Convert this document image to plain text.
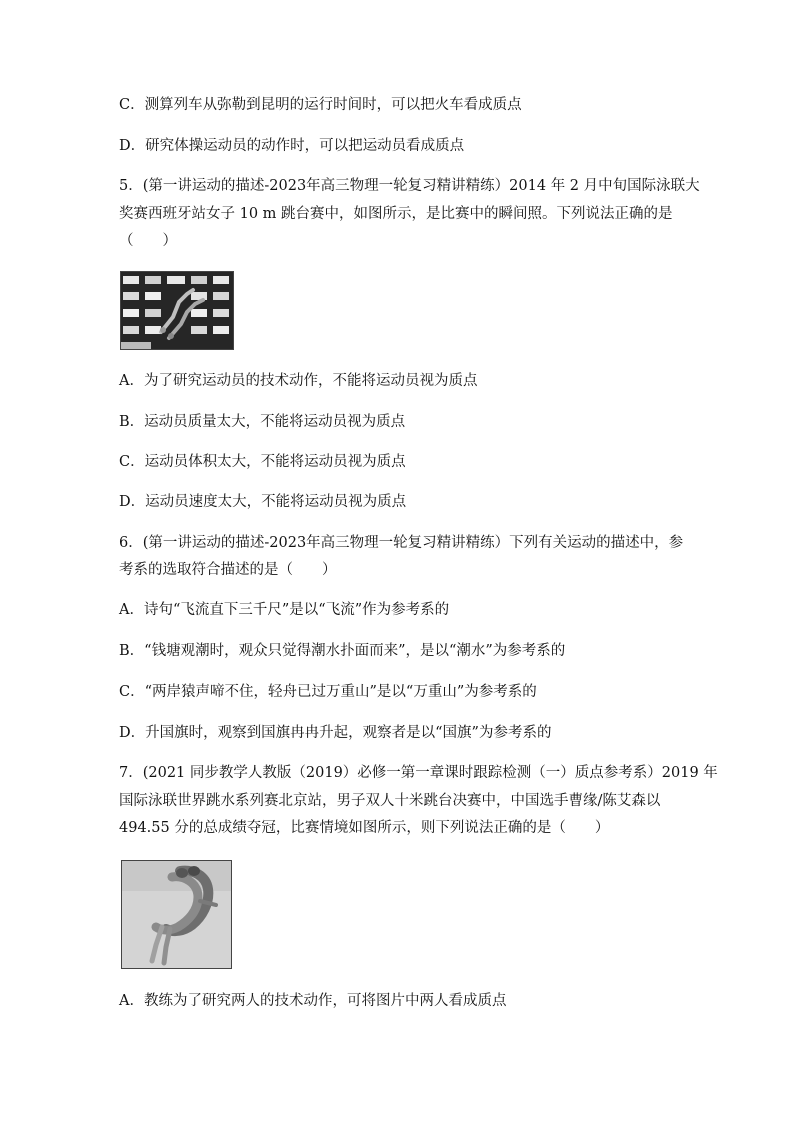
C．测算列车从弥勒到昆明的运行时间时，可以把火车看成质点
D．研究体操运动员的动作时，可以把运动员看成质点
5．(第一讲运动的描述-2023年高三物理一轮复习精讲精练）2014 年 2 月中旬国际泳联大
奖赛西班牙站女子 10 m 跳台赛中，如图所示，是比赛中的瞬间照。下列说法正确的是
（　　）
A．为了研究运动员的技术动作，不能将运动员视为质点
B．运动员质量太大，不能将运动员视为质点
C．运动员体积太大，不能将运动员视为质点
D．运动员速度太大，不能将运动员视为质点
6．(第一讲运动的描述-2023年高三物理一轮复习精讲精练）下列有关运动的描述中，参
考系的选取符合描述的是（　　）
A．诗句“飞流直下三千尺”是以“飞流”作为参考系的
B．“钱塘观潮时，观众只觉得潮水扑面而来”，是以“潮水”为参考系的
C．“两岸猿声啼不住，轻舟已过万重山”是以“万重山”为参考系的
D．升国旗时，观察到国旗冉冉升起，观察者是以“国旗”为参考系的
7．(2021 同步教学人教版（2019）必修一第一章课时跟踪检测（一）质点参考系）2019 年
国际泳联世界跳水系列赛北京站，男子双人十米跳台决赛中，中国选手曹缘/陈艾森以
494.55 分的总成绩夺冠，比赛情境如图所示，则下列说法正确的是（　　）
A．教练为了研究两人的技术动作，可将图片中两人看成质点
